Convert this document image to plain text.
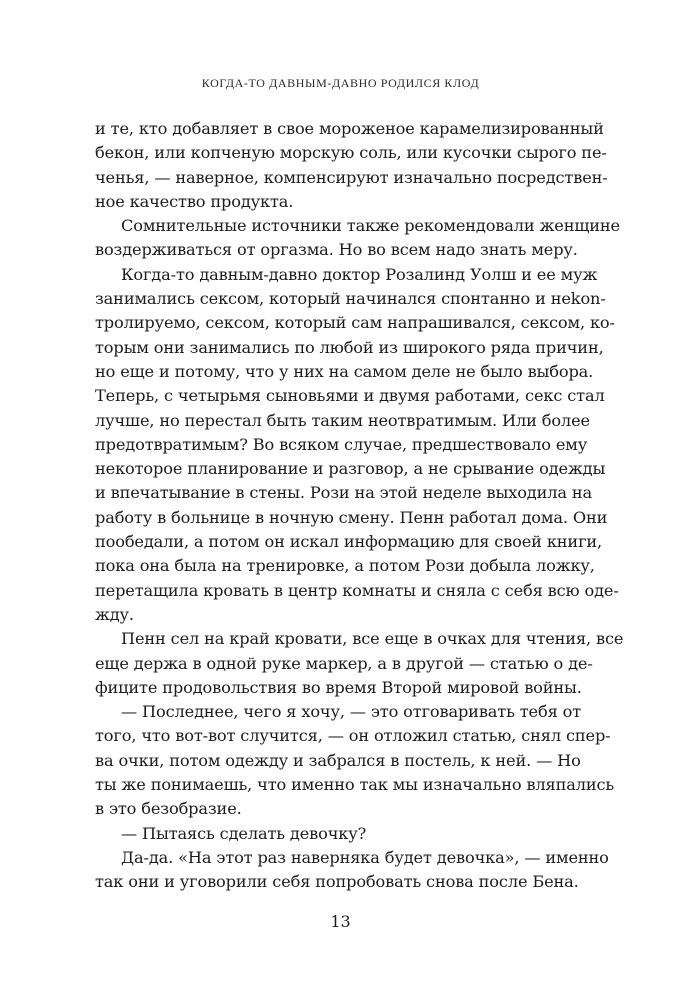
КОГДА-ТО ДАВНЫМ-ДАВНО РОДИЛСЯ КЛОД
и те, кто добавляет в свое мороженое карамелизированный
бекон, или копченую морскую соль, или кусочки сырого пе-
ченья, — наверное, компенсируют изначально посредствен-
ное качество продукта.
Сомнительные источники также рекомендовали женщине
воздерживаться от оргазма. Но во всем надо знать меру.
Когда-то давным-давно доктор Розалинд Уолш и ее муж
занимались сексом, который начинался спонтанно и неkon-
тролируемо, сексом, который сам напрашивался, сексом, ко-
торым они занимались по любой из широкого ряда причин,
но еще и потому, что у них на самом деле не было выбора.
Теперь, с четырьмя сыновьями и двумя работами, секс стал
лучше, но перестал быть таким неотвратимым. Или более
предотвратимым? Во всяком случае, предшествовало ему
некоторое планирование и разговор, а не срывание одежды
и впечатывание в стены. Рози на этой неделе выходила на
работу в больнице в ночную смену. Пенн работал дома. Они
пообедали, а потом он искал информацию для своей книги,
пока она была на тренировке, а потом Рози добыла ложку,
перетащила кровать в центр комнаты и сняла с себя всю оде-
жду.
Пенн сел на край кровати, все еще в очках для чтения, все
еще держа в одной руке маркер, а в другой — статью о де-
фиците продовольствия во время Второй мировой войны.
— Последнее, чего я хочу, — это отговаривать тебя от
того, что вот-вот случится, — он отложил статью, снял спер-
ва очки, потом одежду и забрался в постель, к ней. — Но
ты же понимаешь, что именно так мы изначально вляпались
в это безобразие.
— Пытаясь сделать девочку?
Да-да. «На этот раз наверняка будет девочка», — именно
так они и уговорили себя попробовать снова после Бена.
13
